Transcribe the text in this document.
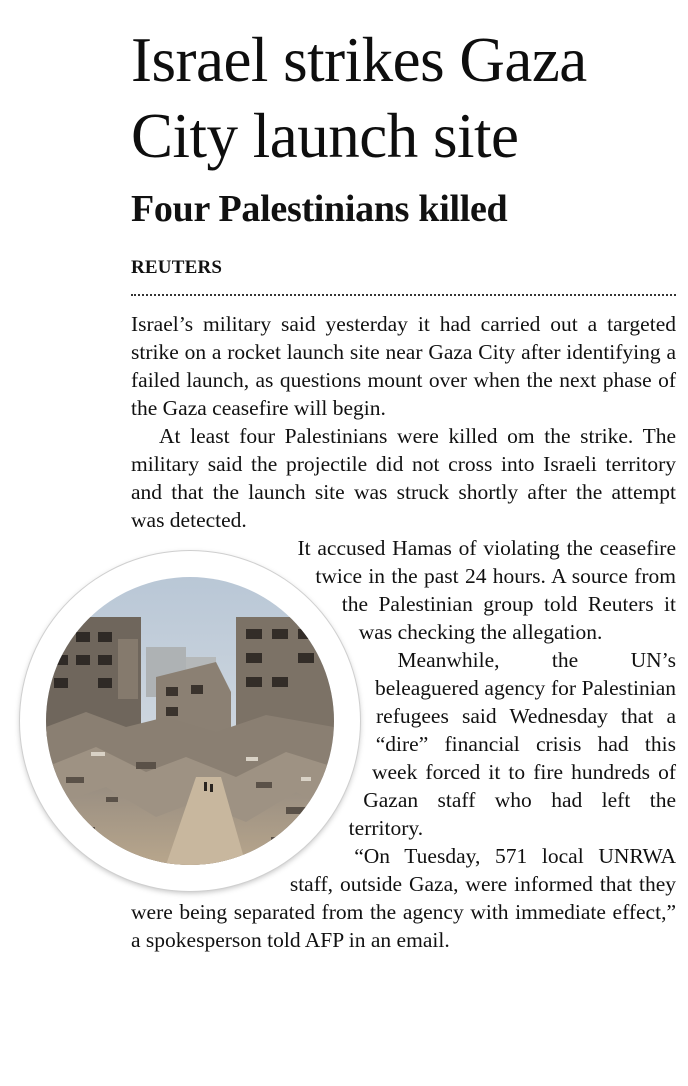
Israel strikes Gaza City launch site
Four Palestinians killed
REUTERS

Israel’s military said yesterday it had carried out a targeted strike on a rocket launch site near Gaza City after identifying a failed launch, as questions mount over when the next phase of the Gaza ceasefire will begin.

At least four Palestinians were killed om the strike. The military said the projectile did not cross into Israeli territory and that the launch site was struck shortly after the attempt was detected.

It accused Hamas of violating the ceasefire twice in the past 24 hours. A source from the Palestinian group told Reuters it was checking the allegation.

Meanwhile, the UN’s beleaguered agency for Palestinian refugees said Wednesday that a “dire” financial crisis had this week forced it to fire hundreds of Gazan staff who had left the territory.

“On Tuesday, 571 local UNRWA staff, outside Gaza, were informed that they were being separated from the agency with immediate effect,” a spokesperson told AFP in an email.
